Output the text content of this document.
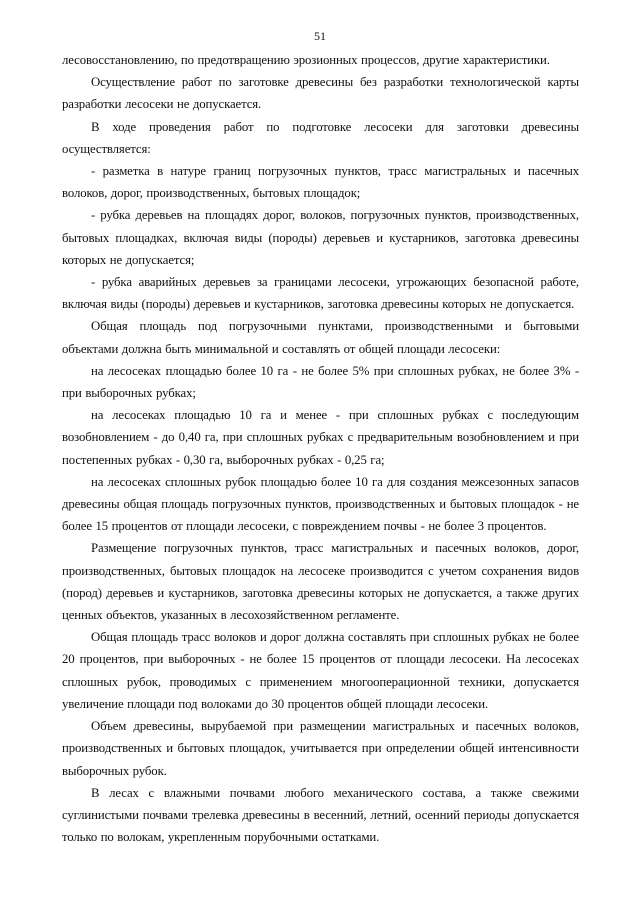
51

лесовосстановлению, по предотвращению эрозионных процессов, другие характеристики.

Осуществление работ по заготовке древесины без разработки технологической карты разработки лесосеки не допускается.

В ходе проведения работ по подготовке лесосеки для заготовки древесины осуществляется:

- разметка в натуре границ погрузочных пунктов, трасс магистральных и пасечных волоков, дорог, производственных, бытовых площадок;

- рубка деревьев на площадях дорог, волоков, погрузочных пунктов, производственных, бытовых площадках, включая виды (породы) деревьев и кустарников, заготовка древесины которых не допускается;

- рубка аварийных деревьев за границами лесосеки, угрожающих безопасной работе, включая виды (породы) деревьев и кустарников, заготовка древесины которых не допускается.

Общая площадь под погрузочными пунктами, производственными и бытовыми объектами должна быть минимальной и составлять от общей площади лесосеки:

на лесосеках площадью более 10 га - не более 5% при сплошных рубках, не более 3% - при выборочных рубках;

на лесосеках площадью 10 га и менее - при сплошных рубках с последующим возобновлением - до 0,40 га, при сплошных рубках с предварительным возобновлением и при постепенных рубках - 0,30 га, выборочных рубках - 0,25 га;

на лесосеках сплошных рубок площадью более 10 га для создания межсезонных запасов древесины общая площадь погрузочных пунктов, производственных и бытовых площадок - не более 15 процентов от площади лесосеки, с повреждением почвы - не более 3 процентов.

Размещение погрузочных пунктов, трасс магистральных и пасечных волоков, дорог, производственных, бытовых площадок на лесосеке производится с учетом сохранения видов (пород) деревьев и кустарников, заготовка древесины которых не допускается, а также других ценных объектов, указанных в лесохозяйственном регламенте.

Общая площадь трасс волоков и дорог должна составлять при сплошных рубках не более 20 процентов, при выборочных - не более 15 процентов от площади лесосеки. На лесосеках сплошных рубок, проводимых с применением многооперационной техники, допускается увеличение площади под волоками до 30 процентов общей площади лесосеки.

Объем древесины, вырубаемой при размещении магистральных и пасечных волоков, производственных и бытовых площадок, учитывается при определении общей интенсивности выборочных рубок.

В лесах с влажными почвами любого механического состава, а также свежими суглинистыми почвами трелевка древесины в весенний, летний, осенний периоды допускается только по волокам, укрепленным порубочными остатками.
